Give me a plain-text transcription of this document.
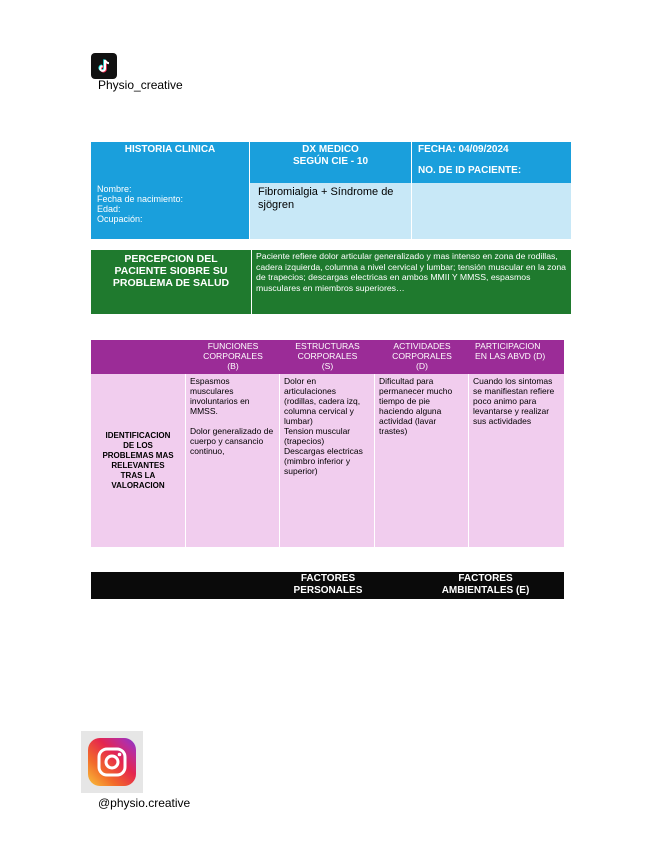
Physio_creative
HISTORIA CLINICA	DX MEDICO
SEGÚN CIE - 10
FECHA: 04/09/2024
NO. DE ID PACIENTE:
Nombre:
Fecha de nacimiento:
Edad:
Ocupación:
Fibromialgia + Síndrome de sjögren
PERCEPCION DEL
PACIENTE SIOBRE SU
PROBLEMA DE SALUD
Paciente refiere dolor articular generalizado y mas intenso en zona de rodillas, cadera izquierda, columna a nivel cervical y lumbar; tensión muscular en la zona de trapecios; descargas electricas en ambos MMII Y MMSS, espasmos musculares en miembros superiores…
FUNCIONES
CORPORALES
(B)
ESTRUCTURAS
CORPORALES
(S)
ACTIVIDADES
CORPORALES
(D)
PARTICIPACION
EN LAS ABVD (D)
IDENTIFICACION DE LOS PROBLEMAS MAS RELEVANTES TRAS LA VALORACION
Espasmos musculares involuntarios en MMSS.
Dolor generalizado de cuerpo y cansancio continuo,
Dolor en articulaciones (rodillas, cadera izq, columna cervical y lumbar)
Tension muscular (trapecios)
Descargas electricas (mimbro inferior y superior)
Dificultad para permanecer mucho tiempo de pie haciendo alguna actividad (lavar trastes)
Cuando los sintomas se manifiestan refiere poco animo para levantarse y realizar sus actividades
FACTORES
PERSONALES
FACTORES
AMBIENTALES (E)
@physio.creative
